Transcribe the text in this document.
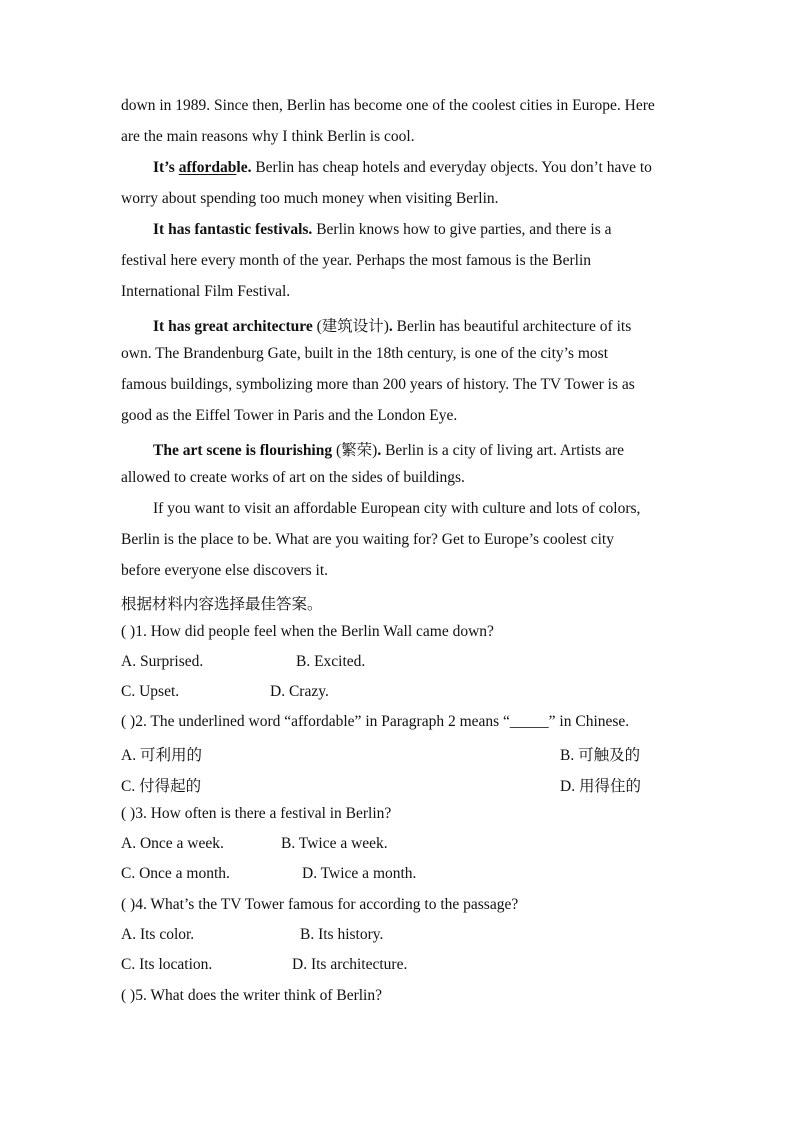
down in 1989. Since then, Berlin has become one of the coolest cities in Europe. Here
are the main reasons why I think Berlin is cool.
It’s affordable. Berlin has cheap hotels and everyday objects. You don’t have to
worry about spending too much money when visiting Berlin.
It has fantastic festivals. Berlin knows how to give parties, and there is a
festival here every month of the year. Perhaps the most famous is the Berlin
International Film Festival.
It has great architecture (建筑设计). Berlin has beautiful architecture of its
own. The Brandenburg Gate, built in the 18th century, is one of the city’s most
famous buildings, symbolizing more than 200 years of history. The TV Tower is as
good as the Eiffel Tower in Paris and the London Eye.
The art scene is flourishing (繁荣). Berlin is a city of living art. Artists are
allowed to create works of art on the sides of buildings.
If you want to visit an affordable European city with culture and lots of colors,
Berlin is the place to be. What are you waiting for? Get to Europe’s coolest city
before everyone else discovers it.
根据材料内容选择最佳答案。
( )1. How did people feel when the Berlin Wall came down?
A. Surprised.	B. Excited.
C. Upset.	D. Crazy.
( )2. The underlined word “affordable” in Paragraph 2 means “_____” in Chinese.
A. 可利用的	B. 可触及的
C. 付得起的	D. 用得住的
( )3. How often is there a festival in Berlin?
A. Once a week.	B. Twice a week.
C. Once a month.	D. Twice a month.
( )4. What’s the TV Tower famous for according to the passage?
A. Its color.	B. Its history.
C. Its location.	D. Its architecture.
( )5. What does the writer think of Berlin?
